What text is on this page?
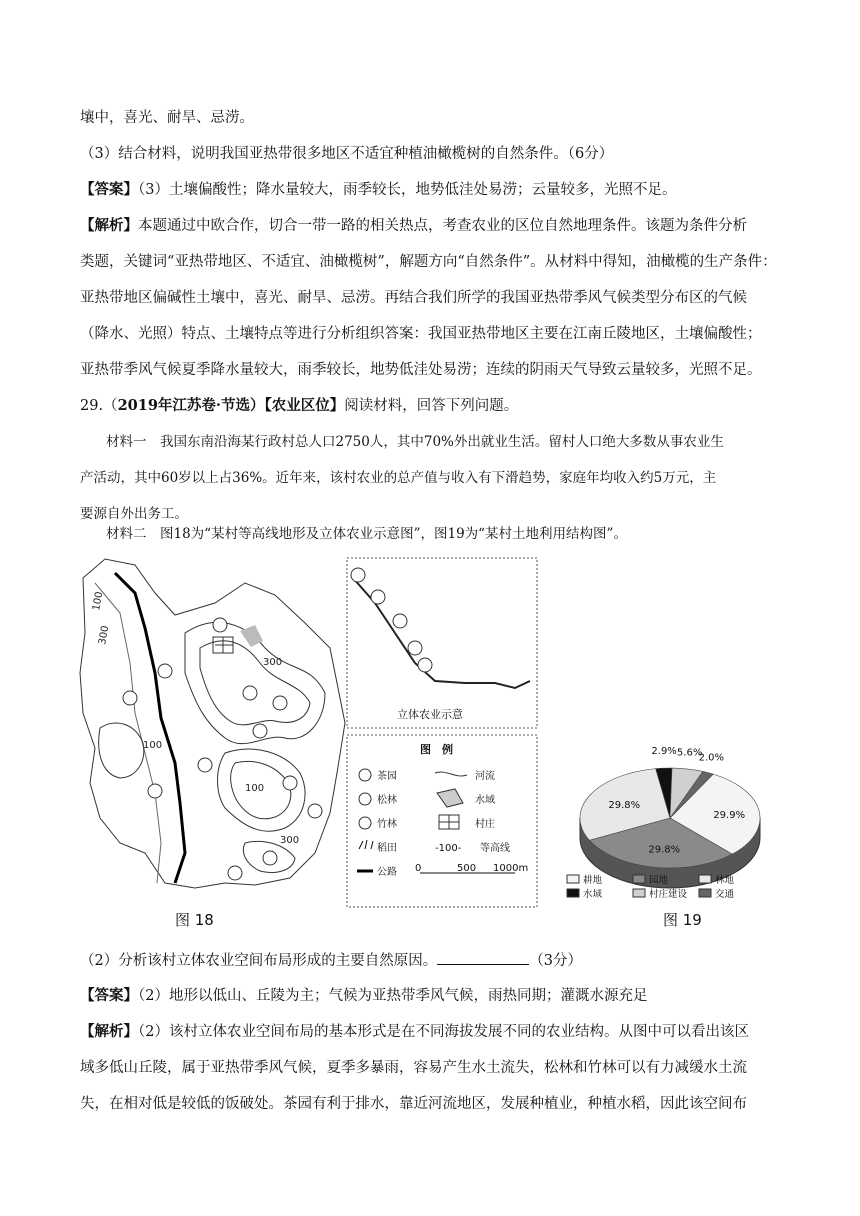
壤中，喜光、耐旱、忌涝。
（3）结合材料，说明我国亚热带很多地区不适宜种植油橄榄树的自然条件。（6分）
【答案】（3）土壤偏酸性；降水量较大，雨季较长，地势低洼处易涝；云量较多，光照不足。
【解析】本题通过中欧合作，切合一带一路的相关热点，考查农业的区位自然地理条件。该题为条件分析
类题，关键词“亚热带地区、不适宜、油橄榄树”，解题方向“自然条件”。从材料中得知，油橄榄的生产条件：
亚热带地区偏碱性土壤中，喜光、耐旱、忌涝。再结合我们所学的我国亚热带季风气候类型分布区的气候
（降水、光照）特点、土壤特点等进行分析组织答案：我国亚热带地区主要在江南丘陵地区，土壤偏酸性；
亚热带季风气候夏季降水量较大，雨季较长，地势低洼处易涝；连续的阴雨天气导致云量较多，光照不足。
29.（2019年江苏卷·节选）【农业区位】阅读材料，回答下列问题。
材料一　我国东南沿海某行政村总人口2750人，其中70%外出就业生活。留村人口绝大多数从事农业生
产活动，其中60岁以上占36%。近年来，该村农业的总产值与收入有下滑趋势，家庭年均收入约5万元，主
要源自外出务工。
材料二　图18为“某村等高线地形及立体农业示意图”，图19为“某村土地利用结构图”。
300
300
100
100
300
100
图 18
立体农业示意
图　例
茶园
松林
竹林
稻田
公路
河流
水域
村庄
-100- 等高线
0	500 1000m
29.9%
29.8%
29.8%
2.9% 5.6%
2.0%
耕地	园地	林地
水域	村庄建设	交通
图 19
（2）分析该村立体农业空间布局形成的主要自然原因。	（3分）
【答案】（2）地形以低山、丘陵为主；气候为亚热带季风气候，雨热同期；灌溉水源充足
【解析】（2）该村立体农业空间布局的基本形式是在不同海拔发展不同的农业结构。从图中可以看出该区
域多低山丘陵，属于亚热带季风气候，夏季多暴雨，容易产生水土流失，松林和竹林可以有力减缓水土流
失，在相对低是较低的饭破处。茶园有利于排水，靠近河流地区，发展种植业，种植水稻，因此该空间布
